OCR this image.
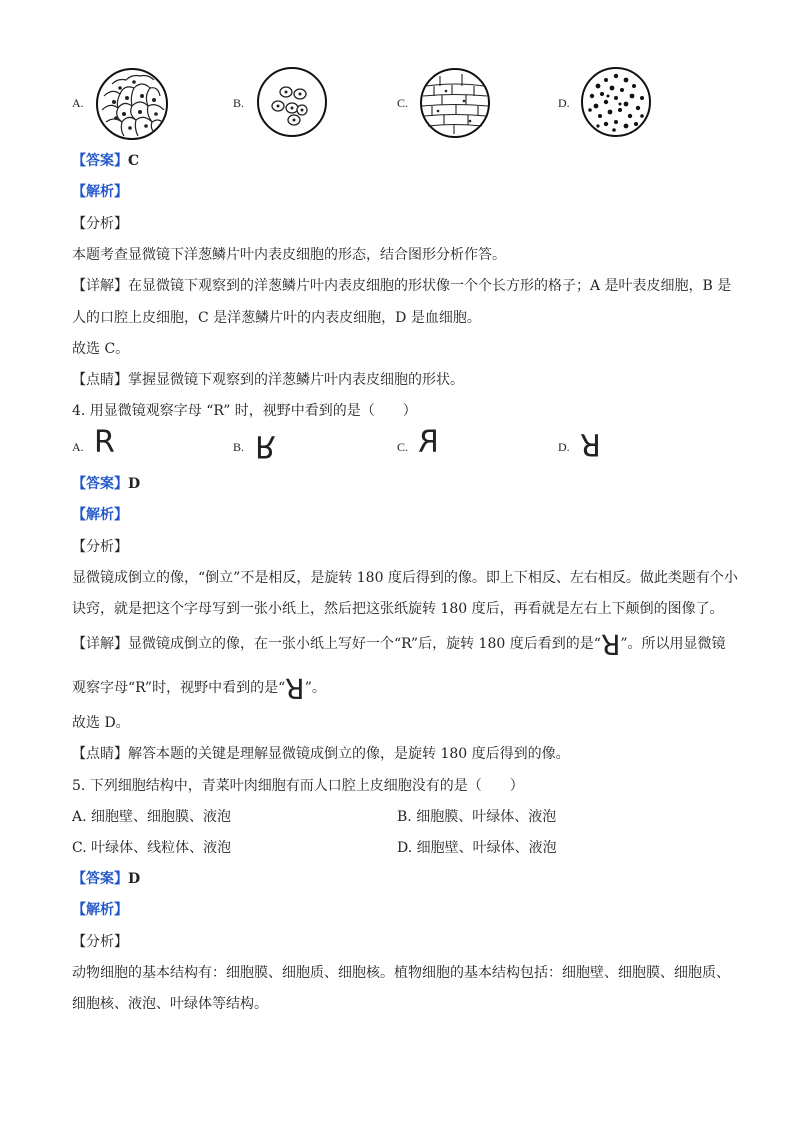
A.	B.	C.	D.
【答案】C
【解析】
【分析】
本题考查显微镜下洋葱鳞片叶内表皮细胞的形态，结合图形分析作答。
【详解】在显微镜下观察到的洋葱鳞片叶内表皮细胞的形状像一个个长方形的格子；A 是叶表皮细胞，B 是
人的口腔上皮细胞，C 是洋葱鳞片叶的内表皮细胞，D 是血细胞。
故选 C。
【点睛】掌握显微镜下观察到的洋葱鳞片叶内表皮细胞的形状。
4. 用显微镜观察字母 “R” 时，视野中看到的是（　　）
A. R	B. R	C. R	D. R
【答案】D
【解析】
【分析】
显微镜成倒立的像，“倒立”不是相反，是旋转 180 度后得到的像。即上下相反、左右相反。做此类题有个小
诀窍，就是把这个字母写到一张小纸上，然后把这张纸旋转 180 度后，再看就是左右上下颠倒的图像了。
【详解】显微镜成倒立的像，在一张小纸上写好一个“R”后，旋转 180 度后看到的是“R”。所以用显微镜
观察字母“R”时，视野中看到的是“R”。
故选 D。
【点睛】解答本题的关键是理解显微镜成倒立的像，是旋转 180 度后得到的像。
5. 下列细胞结构中，青菜叶肉细胞有而人口腔上皮细胞没有的是（　　）
A. 细胞壁、细胞膜、液泡	B. 细胞膜、叶绿体、液泡
C. 叶绿体、线粒体、液泡	D. 细胞壁、叶绿体、液泡
【答案】D
【解析】
【分析】
动物细胞的基本结构有：细胞膜、细胞质、细胞核。植物细胞的基本结构包括：细胞壁、细胞膜、细胞质、
细胞核、液泡、叶绿体等结构。
